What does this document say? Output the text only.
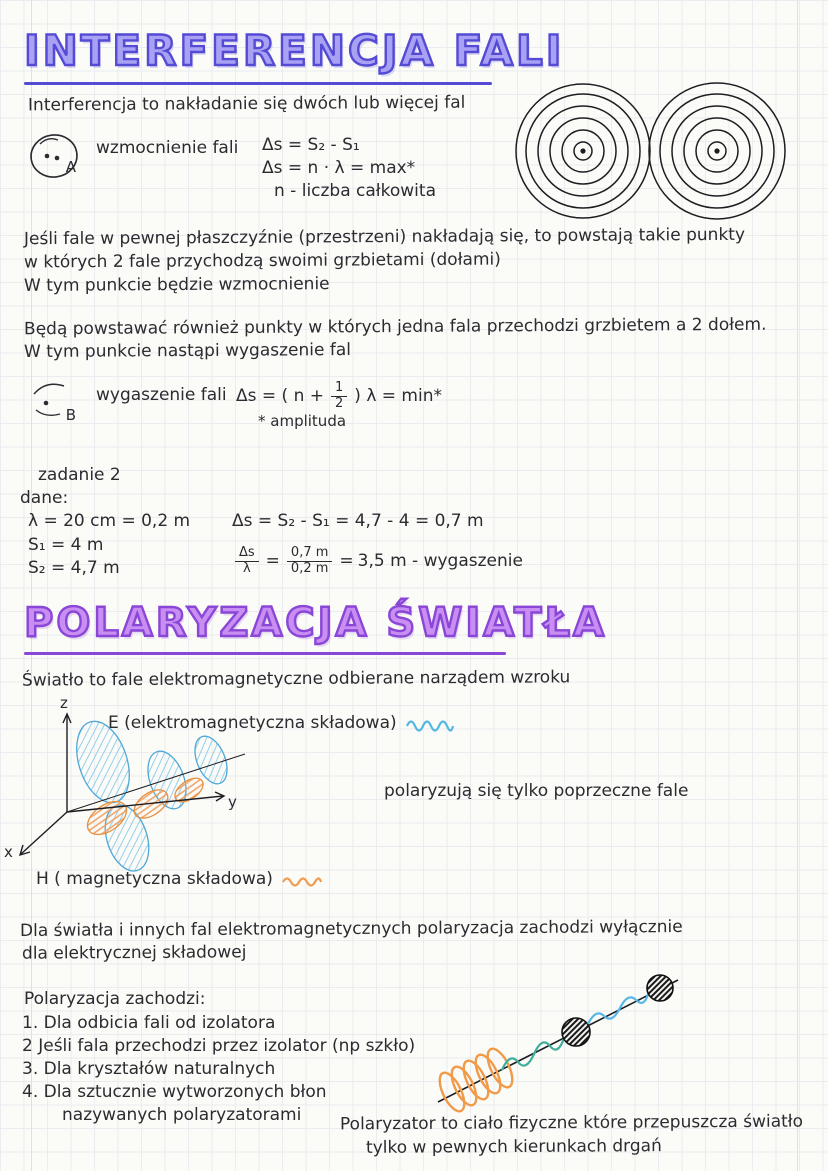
INTERFERENCJA FALI
Interferencja to nakładanie się dwóch lub więcej fal
A
wzmocnienie fali Δs = S₂ - S₁
Δs = n · λ = max*
n - liczba całkowita
Jeśli fale w pewnej płaszczyźnie (przestrzeni) nakładają się, to powstają takie punkty
w których 2 fale przychodzą swoimi grzbietami (dołami)
W tym punkcie będzie wzmocnienie
Będą powstawać również punkty w których jedna fala przechodzi grzbietem a 2 dołem.
W tym punkcie nastąpi wygaszenie fal
B
wygaszenie fali Δs = ( $n + \frac{1}{2}$ ) λ = min*
* amplituda
zadanie 2
dane:
λ = 20 cm = 0,2 m
S₁ = 4 m
S₂ = 4,7 m
Δs = S₂ - S₁ = 4,7 - 4 = 0,7 m
$\frac{\Delta s}{\lambda} = \frac{0,7 m}{0,2 m} = 3,5$ m - wygaszenie
POLARYZACJA ŚWIATŁA
Światło to fale elektromagnetyczne odbierane narządem wzroku
z
y
x
E (elektromagnetyczna składowa)
H ( magnetyczna składowa)
polaryzują się tylko poprzeczne fale
Dla światła i innych fal elektromagnetycznych polaryzacja zachodzi wyłącznie
dla elektrycznej składowej
Polaryzacja zachodzi:
1. Dla odbicia fali od izolatora
2 Jeśli fala przechodzi przez izolator (np szkło)
3. Dla kryształów naturalnych
4. Dla sztucznie wytworzonych błon
nazywanych polaryzatorami Polaryzator to ciało fizyczne które przepuszcza światło
tylko w pewnych kierunkach drgań
